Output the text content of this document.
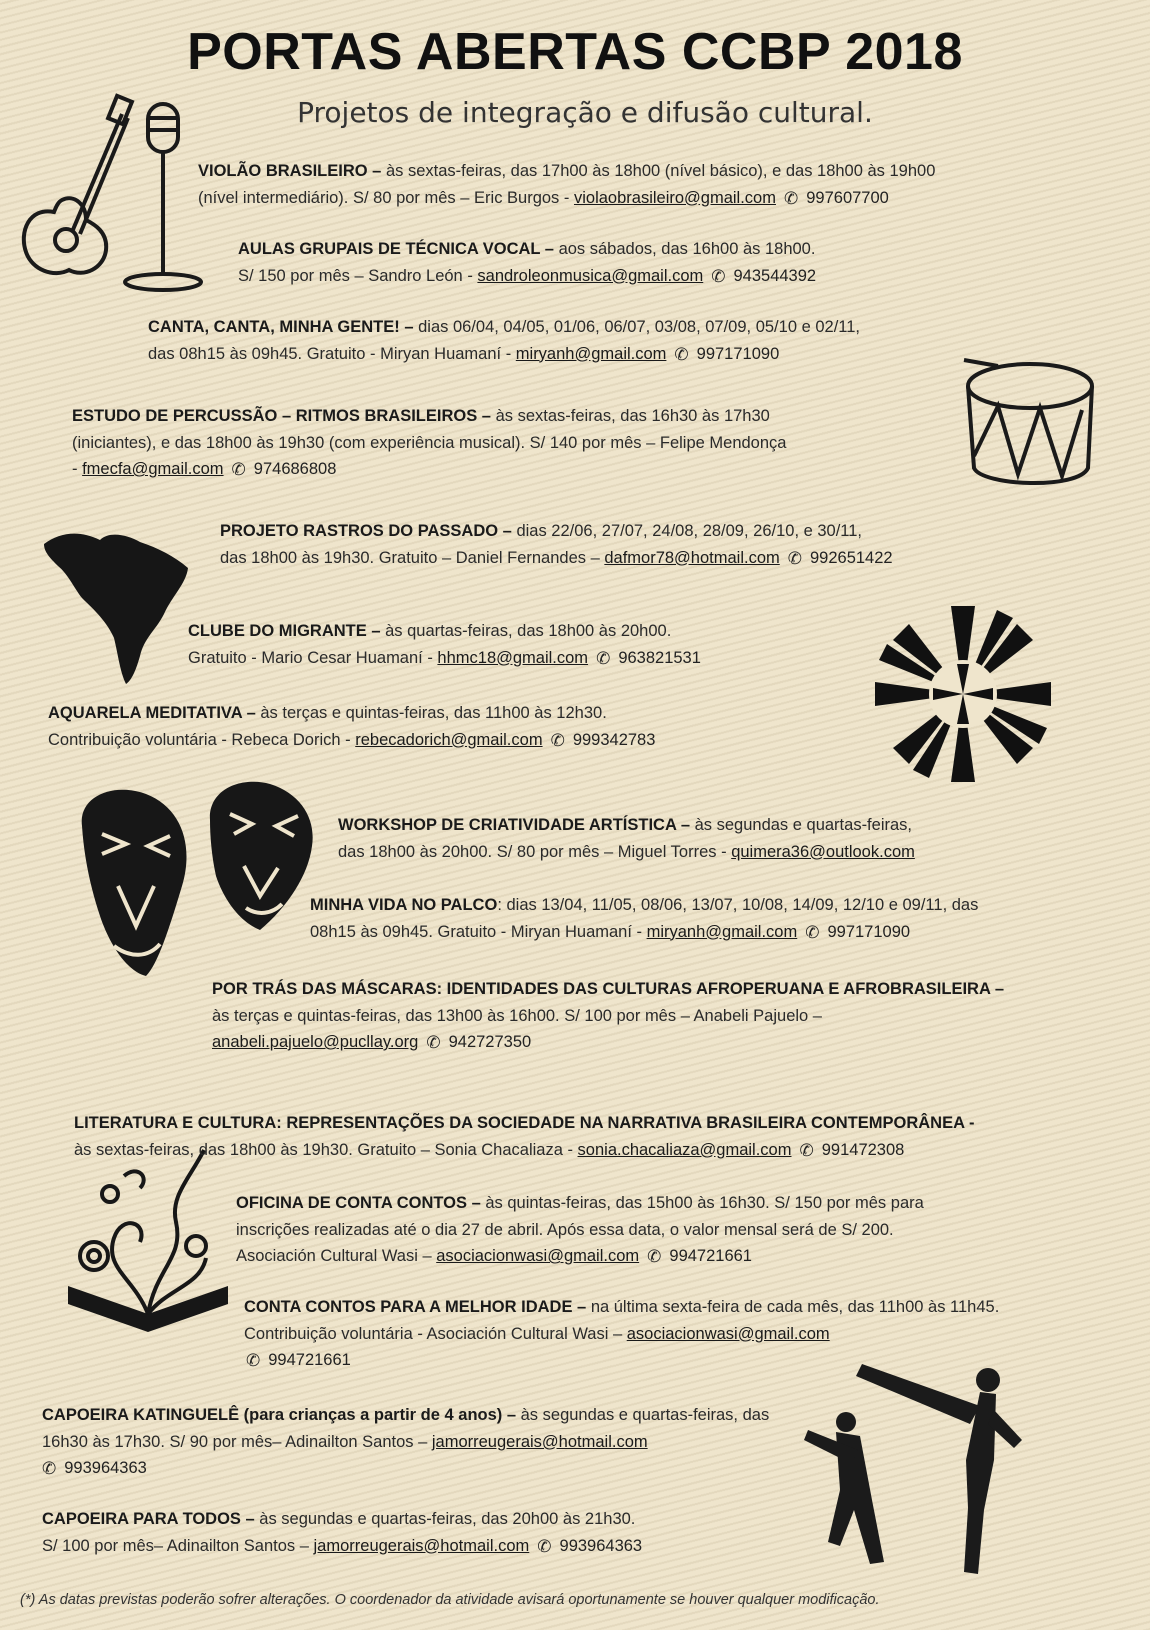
PORTAS ABERTAS CCBP 2018

Projetos de integração e difusão cultural.

VIOLÃO BRASILEIRO – às sextas-feiras, das 17h00 às 18h00 (nível básico), e das 18h00 às 19h00
(nível intermediário). S/ 80 por mês – Eric Burgos - violaobrasileiro@gmail.com ✆ 997607700
AULAS GRUPAIS DE TÉCNICA VOCAL – aos sábados, das 16h00 às 18h00.
S/ 150 por mês – Sandro León - sandroleonmusica@gmail.com ✆ 943544392
CANTA, CANTA, MINHA GENTE! – dias 06/04, 04/05, 01/06, 06/07, 03/08, 07/09, 05/10 e 02/11,
das 08h15 às 09h45. Gratuito - Miryan Huamaní - miryanh@gmail.com ✆ 997171090
ESTUDO DE PERCUSSÃO – RITMOS BRASILEIROS – às sextas-feiras, das 16h30 às 17h30
(iniciantes), e das 18h00 às 19h30 (com experiência musical). S/ 140 por mês – Felipe Mendonça
- fmecfa@gmail.com ✆ 974686808
PROJETO RASTROS DO PASSADO – dias 22/06, 27/07, 24/08, 28/09, 26/10, e 30/11,
das 18h00 às 19h30. Gratuito – Daniel Fernandes – dafmor78@hotmail.com ✆ 992651422
CLUBE DO MIGRANTE – às quartas-feiras, das 18h00 às 20h00.
Gratuito - Mario Cesar Huamaní - hhmc18@gmail.com ✆ 963821531
AQUARELA MEDITATIVA – às terças e quintas-feiras, das 11h00 às 12h30.
Contribuição voluntária - Rebeca Dorich - rebecadorich@gmail.com ✆ 999342783
WORKSHOP DE CRIATIVIDADE ARTÍSTICA – às segundas e quartas-feiras,
das 18h00 às 20h00. S/ 80 por mês – Miguel Torres - quimera36@outlook.com
MINHA VIDA NO PALCO: dias 13/04, 11/05, 08/06, 13/07, 10/08, 14/09, 12/10 e 09/11, das
08h15 às 09h45. Gratuito - Miryan Huamaní - miryanh@gmail.com ✆ 997171090
POR TRÁS DAS MÁSCARAS: IDENTIDADES DAS CULTURAS AFROPERUANA E AFROBRASILEIRA –
às terças e quintas-feiras, das 13h00 às 16h00. S/ 100 por mês – Anabeli Pajuelo –
anabeli.pajuelo@pucllay.org ✆ 942727350
LITERATURA E CULTURA: REPRESENTAÇÕES DA SOCIEDADE NA NARRATIVA BRASILEIRA CONTEMPORÂNEA -
às sextas-feiras, das 18h00 às 19h30. Gratuito – Sonia Chacaliaza - sonia.chacaliaza@gmail.com ✆ 991472308
OFICINA DE CONTA CONTOS – às quintas-feiras, das 15h00 às 16h30. S/ 150 por mês para
inscrições realizadas até o dia 27 de abril. Após essa data, o valor mensal será de S/ 200.
Asociación Cultural Wasi – asociacionwasi@gmail.com ✆ 994721661
CONTA CONTOS PARA A MELHOR IDADE – na última sexta-feira de cada mês, das 11h00 às 11h45.
Contribuição voluntária - Asociación Cultural Wasi – asociacionwasi@gmail.com
✆ 994721661
CAPOEIRA KATINGUELÊ (para crianças a partir de 4 anos) – às segundas e quartas-feiras, das
16h30 às 17h30. S/ 90 por mês– Adinailton Santos – jamorreugerais@hotmail.com
✆ 993964363
CAPOEIRA PARA TODOS – às segundas e quartas-feiras, das 20h00 às 21h30.
S/ 100 por mês– Adinailton Santos – jamorreugerais@hotmail.com ✆ 993964363
(*) As datas previstas poderão sofrer alterações. O coordenador da atividade avisará oportunamente se houver qualquer modificação.
